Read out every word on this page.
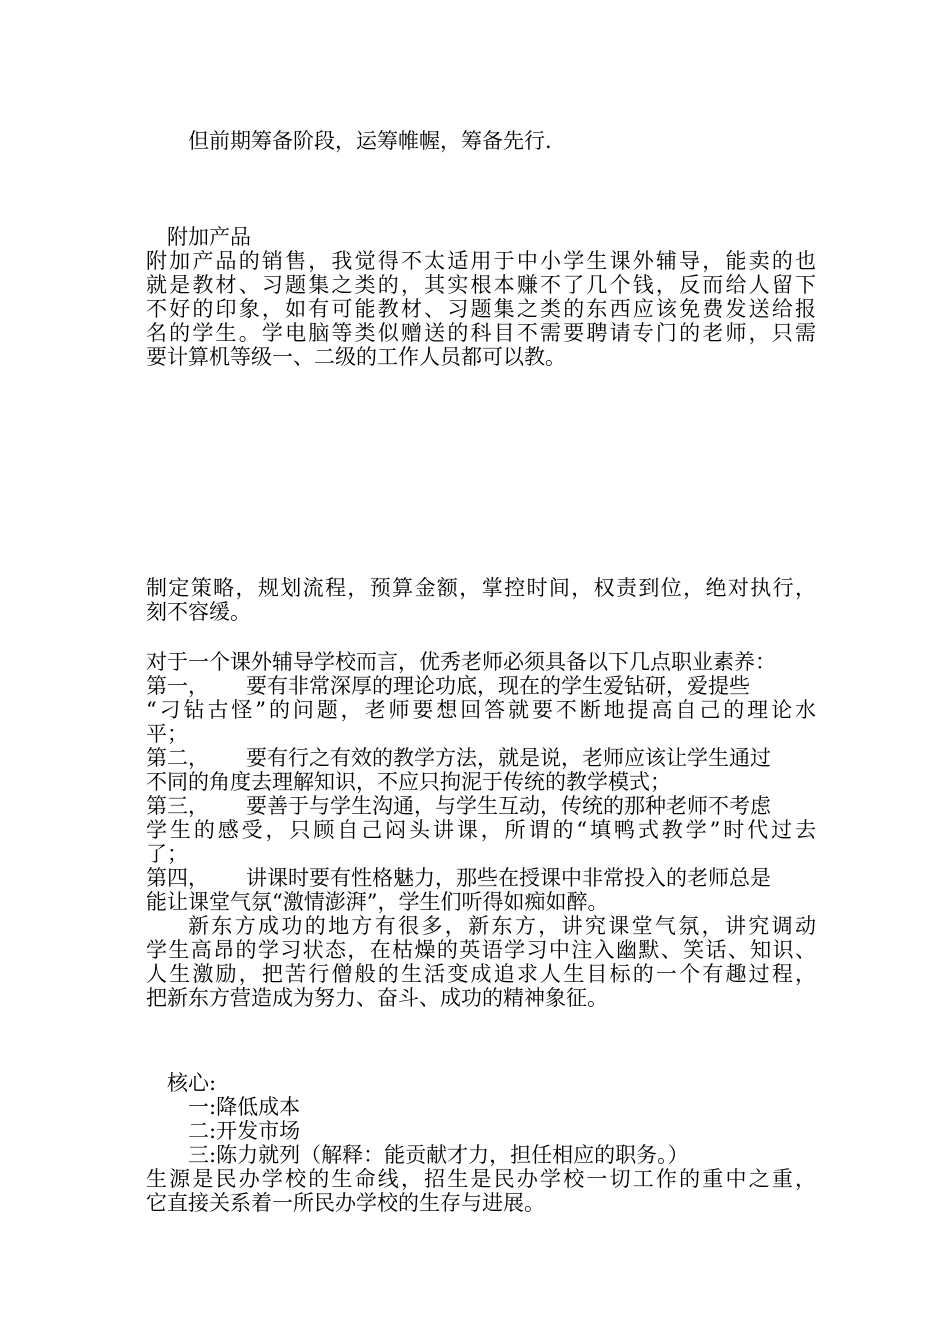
但前期筹备阶段，运筹帷幄，筹备先行.

附加产品
附加产品的销售，我觉得不太适用于中小学生课外辅导，能卖的也
就是教材、习题集之类的，其实根本赚不了几个钱，反而给人留下
不好的印象，如有可能教材、习题集之类的东西应该免费发送给报
名的学生。学电脑等类似赠送的科目不需要聘请专门的老师，只需
要计算机等级一、二级的工作人员都可以教。
制定策略，规划流程，预算金额，掌控时间，权责到位，绝对执行，
刻不容缓。
对于一个课外辅导学校而言，优秀老师必须具备以下几点职业素养：
第一， 要有非常深厚的理论功底，现在的学生爱钻研，爱提些
“刁钻古怪”的问题，老师要想回答就要不断地提高自己的理论水
平；
第二， 要有行之有效的教学方法，就是说，老师应该让学生通过
不同的角度去理解知识，不应只拘泥于传统的教学模式；
第三， 要善于与学生沟通，与学生互动，传统的那种老师不考虑
学生的感受，只顾自己闷头讲课，所谓的“填鸭式教学”时代过去
了；
第四， 讲课时要有性格魅力，那些在授课中非常投入的老师总是
能让课堂气氛“激情澎湃”，学生们听得如痴如醉。
新东方成功的地方有很多，新东方，讲究课堂气氛，讲究调动
学生高昂的学习状态，在枯燥的英语学习中注入幽默、笑话、知识、
人生激励，把苦行僧般的生活变成追求人生目标的一个有趣过程，
把新东方营造成为努力、奋斗、成功的精神象征。
核心:
一:降低成本
二:开发市场
三:陈力就列（解释：能贡献才力，担任相应的职务。）
生源是民办学校的生命线，招生是民办学校一切工作的重中之重，
它直接关系着一所民办学校的生存与进展。
